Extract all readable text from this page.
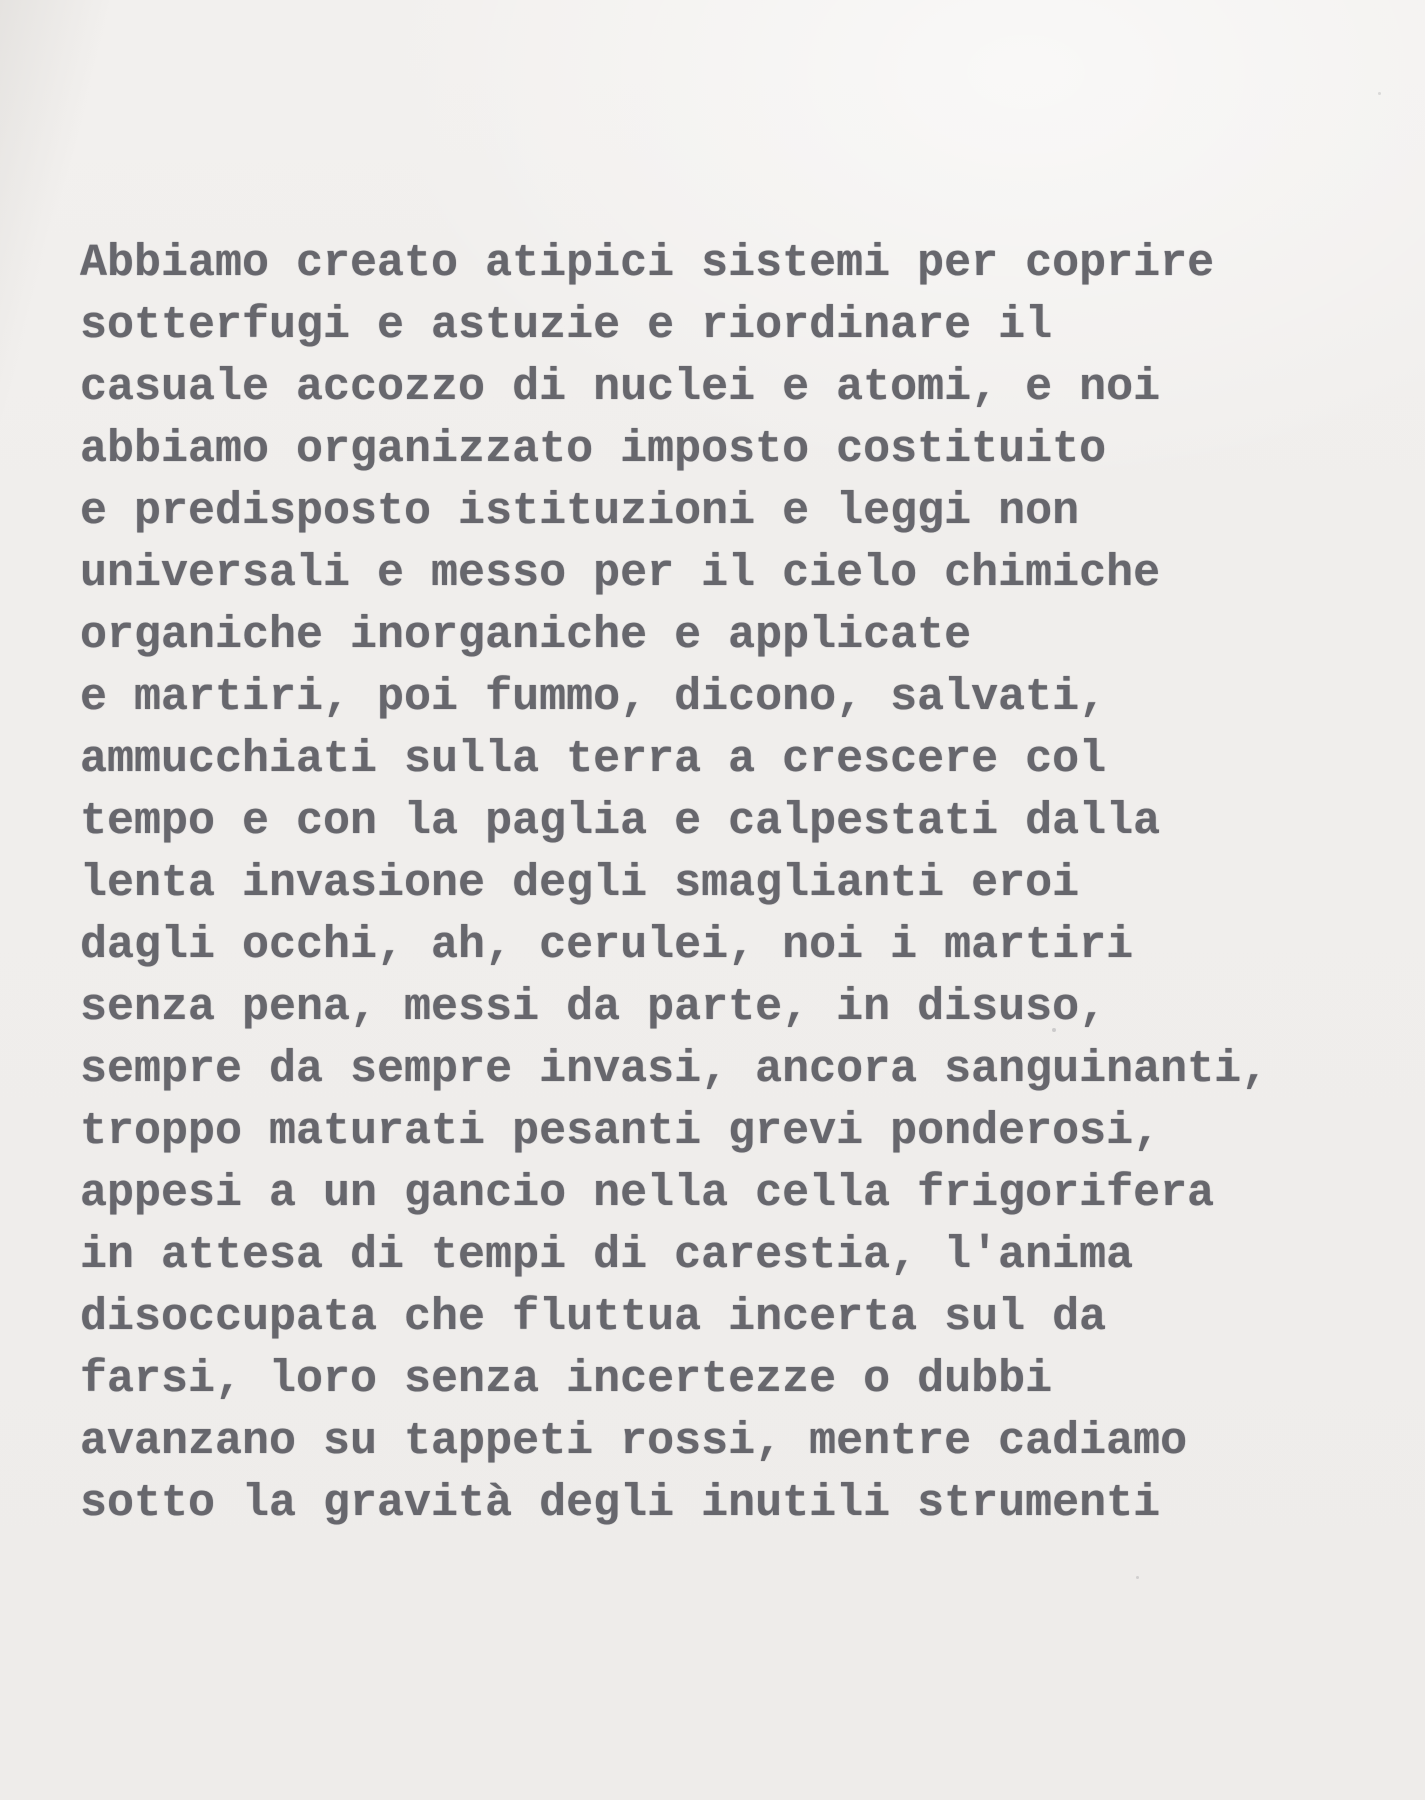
Abbiamo creato atipici sistemi per coprire
sotterfugi e astuzie e riordinare il
casuale accozzo di nuclei e atomi, e noi
abbiamo organizzato imposto costituito
e predisposto istituzioni e leggi non
universali e messo per il cielo chimiche
organiche inorganiche e applicate
e martiri, poi fummo, dicono, salvati,
ammucchiati sulla terra a crescere col
tempo e con la paglia e calpestati dalla
lenta invasione degli smaglianti eroi
dagli occhi, ah, cerulei, noi i martiri
senza pena, messi da parte, in disuso,
sempre da sempre invasi, ancora sanguinanti,
troppo maturati pesanti grevi ponderosi,
appesi a un gancio nella cella frigorifera
in attesa di tempi di carestia, l'anima
disoccupata che fluttua incerta sul da
farsi, loro senza incertezze o dubbi
avanzano su tappeti rossi, mentre cadiamo
sotto la gravità degli inutili strumenti
